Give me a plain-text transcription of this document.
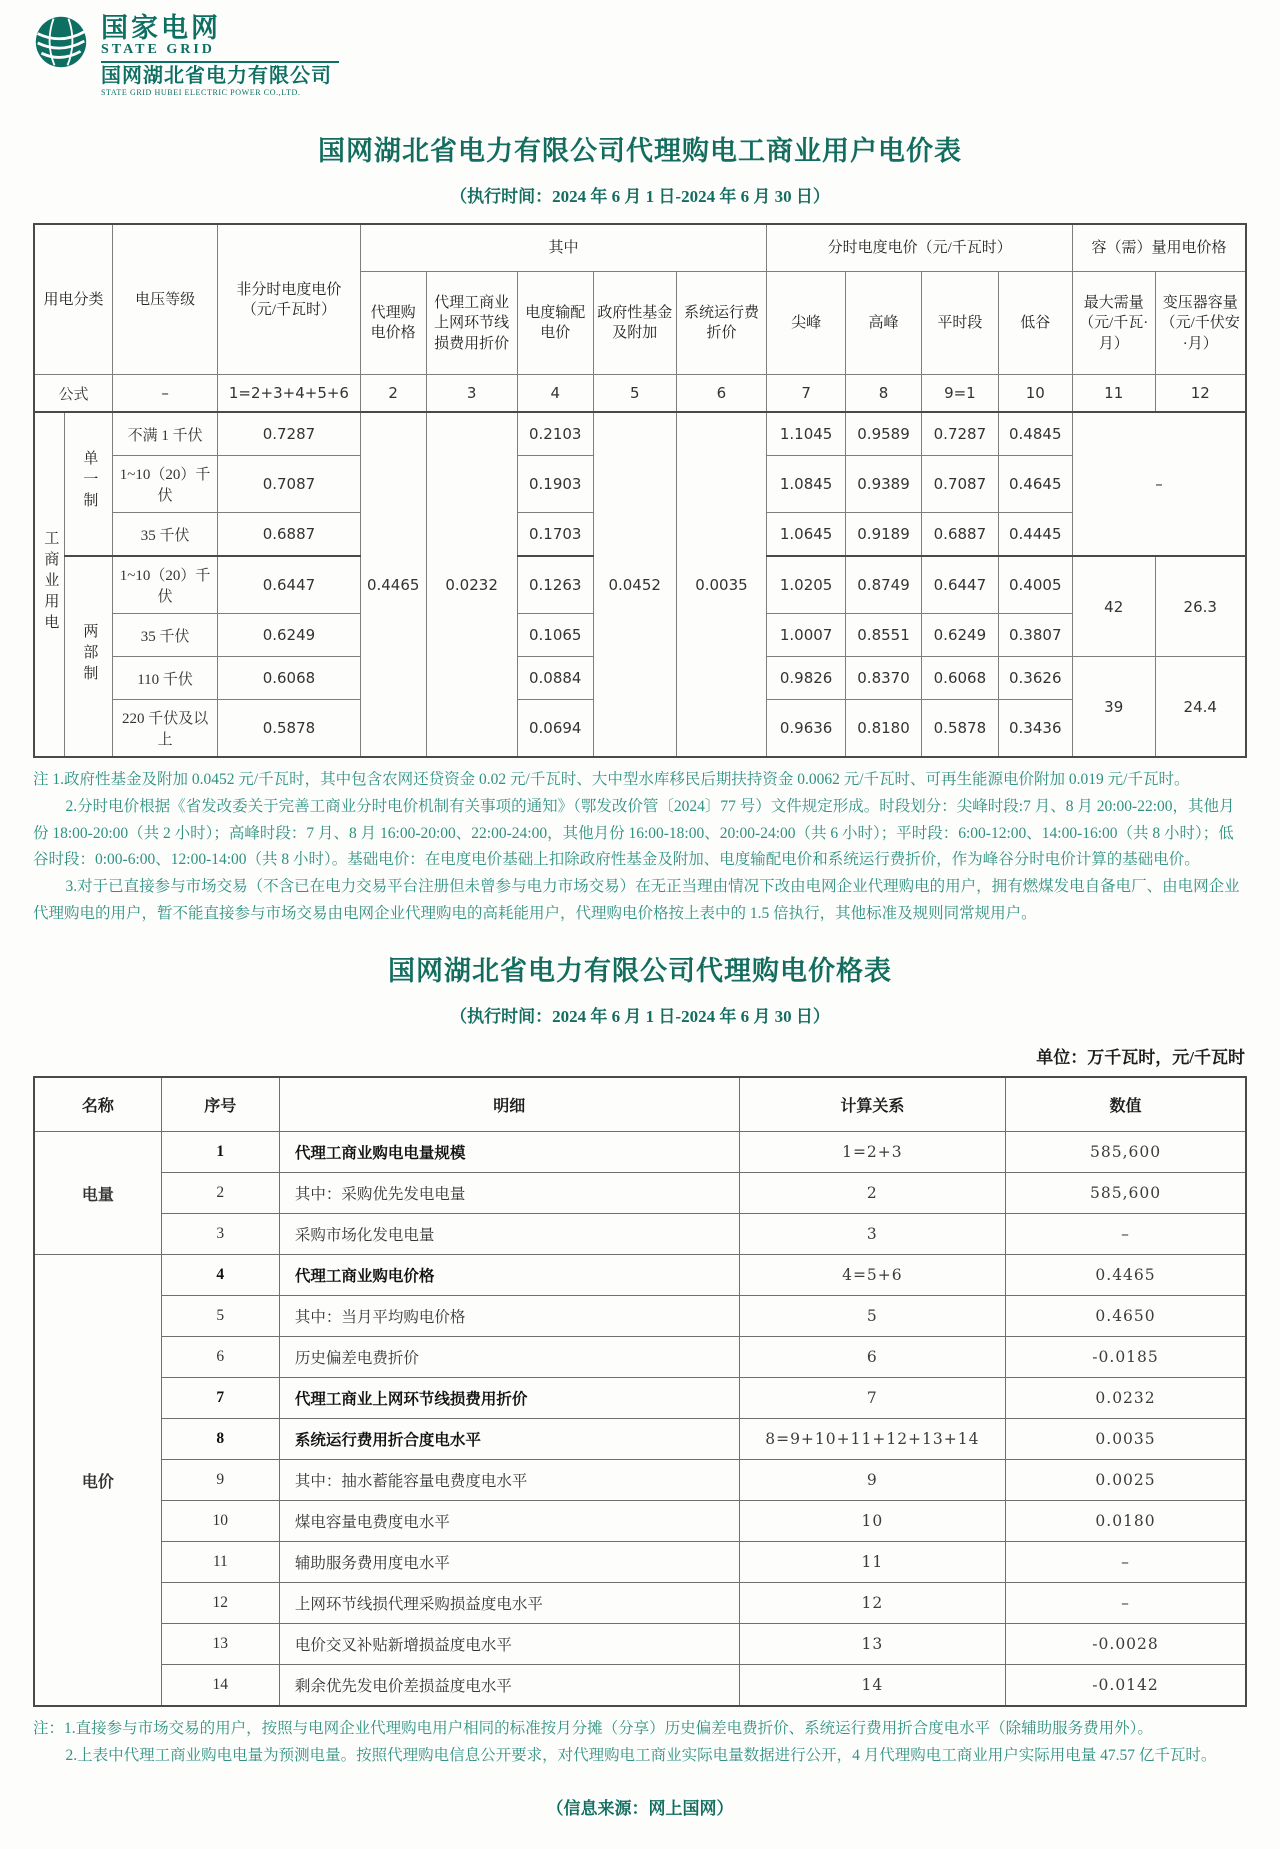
国家电网
STATE GRID
国网湖北省电力有限公司
STATE GRID HUBEI ELECTRIC POWER CO.,LTD.
国网湖北省电力有限公司代理购电工商业用户电价表
（执行时间：2024 年 6 月 1 日-2024 年 6 月 30 日）
用电分类		电压等级	非分时电度电价（元/千瓦时）	其中					分时电度电价（元/千瓦时）				容（需）量用电价格	
				代理购电价格	代理工商业上网环节线损费用折价	电度输配电价	政府性基金及附加	系统运行费折价	尖峰	高峰	平时段	低谷	最大需量（元/千瓦·月）	变压器容量（元/千伏安·月）
公式		–	1=2+3+4+5+6	2	3	4	5	6	7	8	9=1	10	11	12
工商业用电	单一制	不满 1 千伏	0.7287	0.4465	0.0232	0.2103	0.0452	0.0035	1.1045	0.9589	0.7287	0.4845	–	
		1~10（20）千伏	0.7087			0.1903			1.0845	0.9389	0.7087	0.4645		
		35 千伏	0.6887			0.1703			1.0645	0.9189	0.6887	0.4445		
	两部制	1~10（20）千伏	0.6447			0.1263			1.0205	0.8749	0.6447	0.4005	42	26.3
		35 千伏	0.6249			0.1065			1.0007	0.8551	0.6249	0.3807		
		110 千伏	0.6068			0.0884			0.9826	0.8370	0.6068	0.3626	39	24.4
		220 千伏及以上	0.5878			0.0694			0.9636	0.8180	0.5878	0.3436		

注 1.政府性基金及附加 0.0452 元/千瓦时，其中包含农网还贷资金 0.02 元/千瓦时、大中型水库移民后期扶持资金 0.0062 元/千瓦时、可再生能源电价附加 0.019 元/千瓦时。

2.分时电价根据《省发改委关于完善工商业分时电价机制有关事项的通知》（鄂发改价管〔2024〕77 号）文件规定形成。时段划分：尖峰时段:7 月、8 月 20:00-22:00，其他月份 18:00-20:00（共 2 小时）；高峰时段：7 月、8 月 16:00-20:00、22:00-24:00，其他月份 16:00-18:00、20:00-24:00（共 6 小时）；平时段：6:00-12:00、14:00-16:00（共 8 小时）；低谷时段：0:00-6:00、12:00-14:00（共 8 小时）。基础电价：在电度电价基础上扣除政府性基金及附加、电度输配电价和系统运行费折价，作为峰谷分时电价计算的基础电价。

3.对于已直接参与市场交易（不含已在电力交易平台注册但未曾参与电力市场交易）在无正当理由情况下改由电网企业代理购电的用户，拥有燃煤发电自备电厂、由电网企业代理购电的用户，暂不能直接参与市场交易由电网企业代理购电的高耗能用户，代理购电价格按上表中的 1.5 倍执行，其他标准及规则同常规用户。

国网湖北省电力有限公司代理购电价格表
（执行时间：2024 年 6 月 1 日-2024 年 6 月 30 日）
单位：万千瓦时，元/千瓦时
名称	序号	明细	计算关系	数值
电量	1	代理工商业购电电量规模	1=2+3	585,600
	2	其中：采购优先发电电量	2	585,600
	3	采购市场化发电电量	3	–
电价	4	代理工商业购电价格	4=5+6	0.4465
	5	其中：当月平均购电价格	5	0.4650
	6	历史偏差电费折价	6	-0.0185
	7	代理工商业上网环节线损费用折价	7	0.0232
	8	系统运行费用折合度电水平	8=9+10+11+12+13+14	0.0035
	9	其中：抽水蓄能容量电费度电水平	9	0.0025
	10	煤电容量电费度电水平	10	0.0180
	11	辅助服务费用度电水平	11	–
	12	上网环节线损代理采购损益度电水平	12	–
	13	电价交叉补贴新增损益度电水平	13	-0.0028
	14	剩余优先发电价差损益度电水平	14	-0.0142

注：1.直接参与市场交易的用户，按照与电网企业代理购电用户相同的标准按月分摊（分享）历史偏差电费折价、系统运行费用折合度电水平（除辅助服务费用外）。

2.上表中代理工商业购电电量为预测电量。按照代理购电信息公开要求，对代理购电工商业实际电量数据进行公开，4 月代理购电工商业用户实际用电量 47.57 亿千瓦时。

（信息来源：网上国网）
